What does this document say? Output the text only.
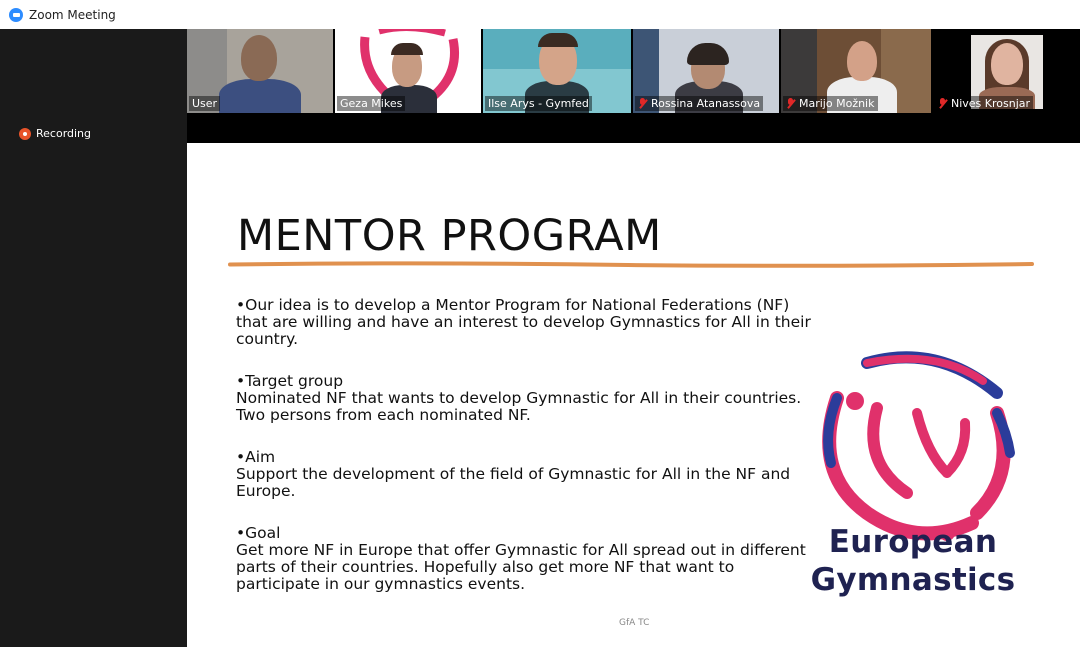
Zoom Meeting
Recording
User	Geza Mikes	Ilse Arys - Gymfed	Rossina Atanassova	Marijo Možnik	Nives Krosnjar
MENTOR PROGRAM
•Our idea is to develop a Mentor Program for National Federations (NF)
that are willing and have an interest to develop Gymnastics for All in their
country.
•Target group
Nominated NF that wants to develop Gymnastic for All in their countries.
Two persons from each nominated NF.
•Aim
Support the development of the field of Gymnastic for All in the NF and
Europe.
•Goal
Get more NF in Europe that offer Gymnastic for All spread out in different
parts of their countries. Hopefully also get more NF that want to
participate in our gymnastics events.
European
Gymnastics
GfA TC
